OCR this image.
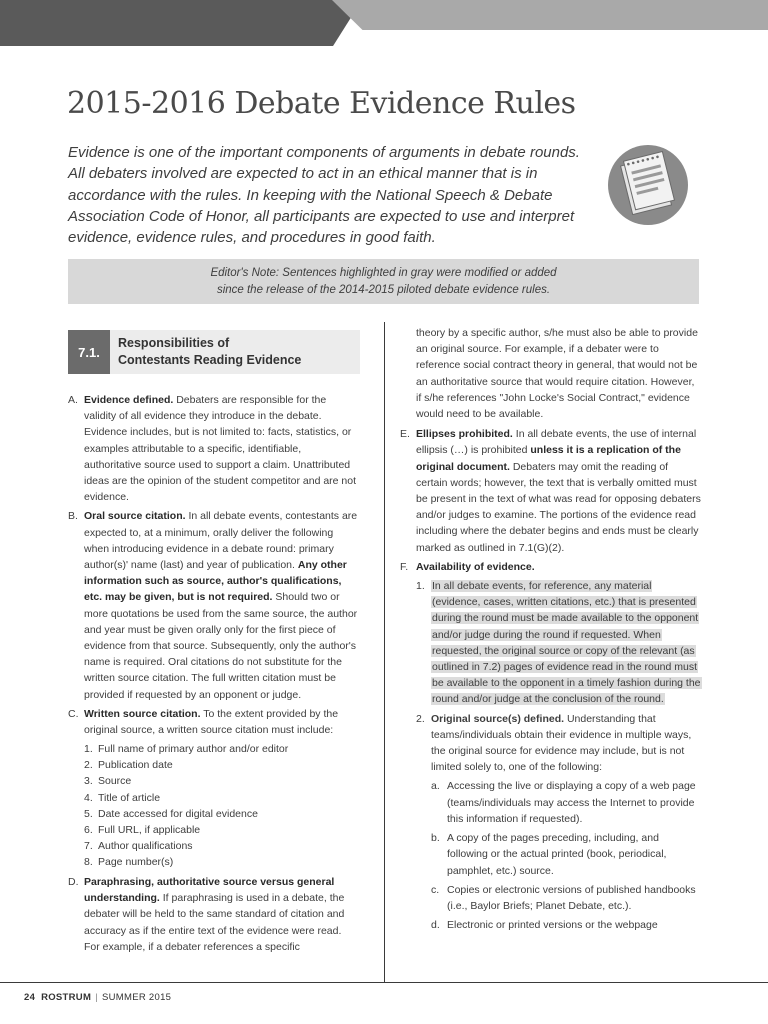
2015-2016 Debate Evidence Rules

Evidence is one of the important components of arguments in debate rounds. All debaters involved are expected to act in an ethical manner that is in accordance with the rules. In keeping with the National Speech & Debate Association Code of Honor, all participants are expected to use and interpret evidence, evidence rules, and procedures in good faith.

Editor's Note: Sentences highlighted in gray were modified or added
since the release of the 2014-2015 piloted debate evidence rules.

7.1.
Responsibilities of
Contestants Reading Evidence

A. Evidence defined. Debaters are responsible for the validity of all evidence they introduce in the debate. Evidence includes, but is not limited to: facts, statistics, or examples attributable to a specific, identifiable, authoritative source used to support a claim. Unattributed ideas are the opinion of the student competitor and are not evidence.

B. Oral source citation. In all debate events, contestants are expected to, at a minimum, orally deliver the following when introducing evidence in a debate round: primary author(s)' name (last) and year of publication. Any other information such as source, author's qualifications, etc. may be given, but is not required. Should two or more quotations be used from the same source, the author and year must be given orally only for the first piece of evidence from that source. Subsequently, only the author's name is required. Oral citations do not substitute for the written source citation. The full written citation must be provided if requested by an opponent or judge.

C. Written source citation. To the extent provided by the original source, a written source citation must include:

1. Full name of primary author and/or editor
2. Publication date
3. Source
4. Title of article
5. Date accessed for digital evidence
6. Full URL, if applicable
7. Author qualifications
8. Page number(s)

D. Paraphrasing, authoritative source versus general understanding. If paraphrasing is used in a debate, the debater will be held to the same standard of citation and accuracy as if the entire text of the evidence were read. For example, if a debater references a specific

theory by a specific author, s/he must also be able to provide an original source. For example, if a debater were to reference social contract theory in general, that would not be an authoritative source that would require citation. However, if s/he references "John Locke's Social Contract," evidence would need to be available.

E. Ellipses prohibited. In all debate events, the use of internal ellipsis (…) is prohibited unless it is a replication of the original document. Debaters may omit the reading of certain words; however, the text that is verbally omitted must be present in the text of what was read for opposing debaters and/or judges to examine. The portions of the evidence read including where the debater begins and ends must be clearly marked as outlined in 7.1(G)(2).

F. Availability of evidence.

1. In all debate events, for reference, any material (evidence, cases, written citations, etc.) that is presented during the round must be made available to the opponent and/or judge during the round if requested. When requested, the original source or copy of the relevant (as outlined in 7.2) pages of evidence read in the round must be available to the opponent in a timely fashion during the round and/or judge at the conclusion of the round.

2. Original source(s) defined. Understanding that teams/individuals obtain their evidence in multiple ways, the original source for evidence may include, but is not limited solely to, one of the following:

a. Accessing the live or displaying a copy of a web page (teams/individuals may access the Internet to provide this information if requested).

b. A copy of the pages preceding, including, and following or the actual printed (book, periodical, pamphlet, etc.) source.

c. Copies or electronic versions of published handbooks (i.e., Baylor Briefs; Planet Debate, etc.).

d. Electronic or printed versions or the webpage

24 ROSTRUM | SUMMER 2015
